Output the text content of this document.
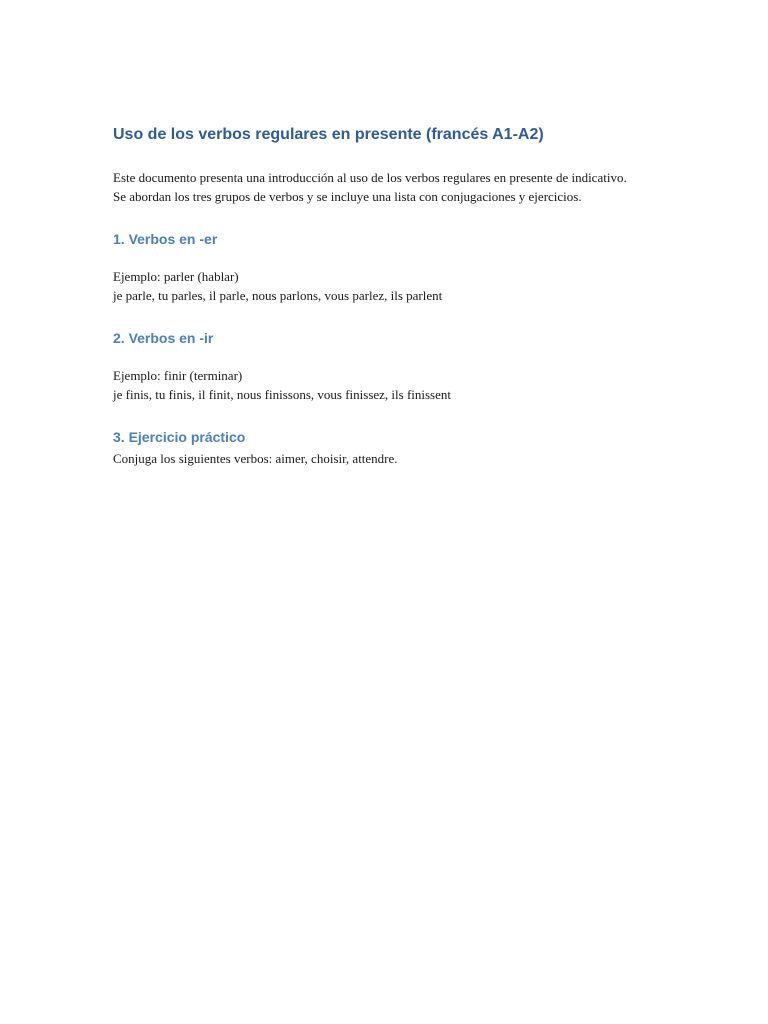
Uso de los verbos regulares en presente (francés A1-A2)

Este documento presenta una introducción al uso de los verbos regulares en presente de indicativo.

Se abordan los tres grupos de verbos y se incluye una lista con conjugaciones y ejercicios.

1. Verbos en -er

Ejemplo: parler (hablar)

je parle, tu parles, il parle, nous parlons, vous parlez, ils parlent

2. Verbos en -ir

Ejemplo: finir (terminar)

je finis, tu finis, il finit, nous finissons, vous finissez, ils finissent

3. Ejercicio práctico

Conjuga los siguientes verbos: aimer, choisir, attendre.
